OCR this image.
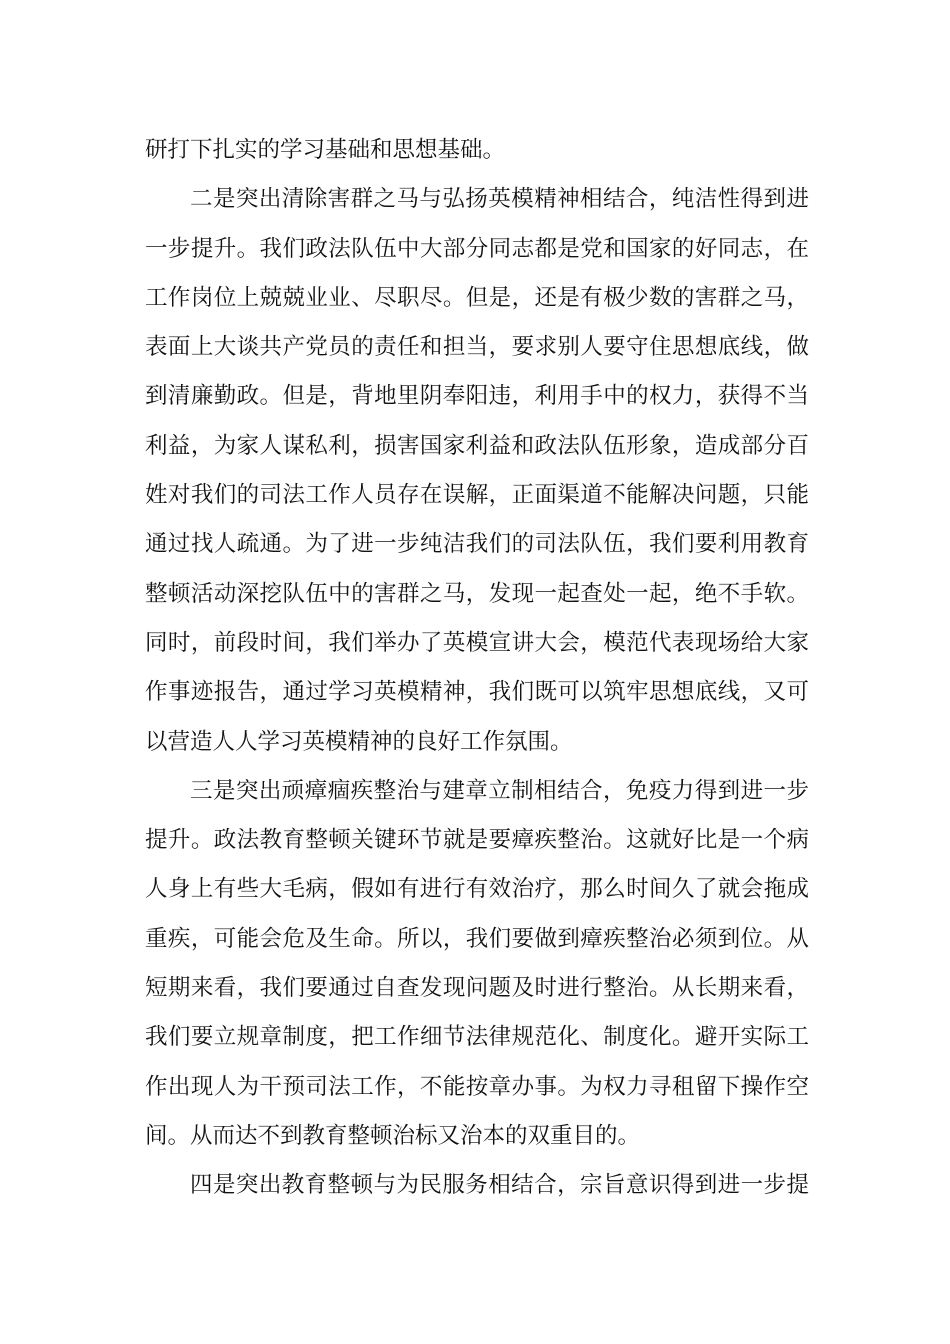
研打下扎实的学习基础和思想基础。
二是突出清除害群之马与弘扬英模精神相结合，纯洁性得到进
一步提升。我们政法队伍中大部分同志都是党和国家的好同志，在
工作岗位上兢兢业业、尽职尽。但是，还是有极少数的害群之马，
表面上大谈共产党员的责任和担当，要求别人要守住思想底线，做
到清廉勤政。但是，背地里阴奉阳违，利用手中的权力，获得不当
利益，为家人谋私利，损害国家利益和政法队伍形象，造成部分百
姓对我们的司法工作人员存在误解，正面渠道不能解决问题，只能
通过找人疏通。为了进一步纯洁我们的司法队伍，我们要利用教育
整顿活动深挖队伍中的害群之马，发现一起查处一起，绝不手软。
同时，前段时间，我们举办了英模宣讲大会，模范代表现场给大家
作事迹报告，通过学习英模精神，我们既可以筑牢思想底线，又可
以营造人人学习英模精神的良好工作氛围。
三是突出顽瘴痼疾整治与建章立制相结合，免疫力得到进一步
提升。政法教育整顿关键环节就是要瘴疾整治。这就好比是一个病
人身上有些大毛病，假如有进行有效治疗，那么时间久了就会拖成
重疾，可能会危及生命。所以，我们要做到瘴疾整治必须到位。从
短期来看，我们要通过自查发现问题及时进行整治。从长期来看，
我们要立规章制度，把工作细节法律规范化、制度化。避开实际工
作出现人为干预司法工作，不能按章办事。为权力寻租留下操作空
间。从而达不到教育整顿治标又治本的双重目的。
四是突出教育整顿与为民服务相结合，宗旨意识得到进一步提
